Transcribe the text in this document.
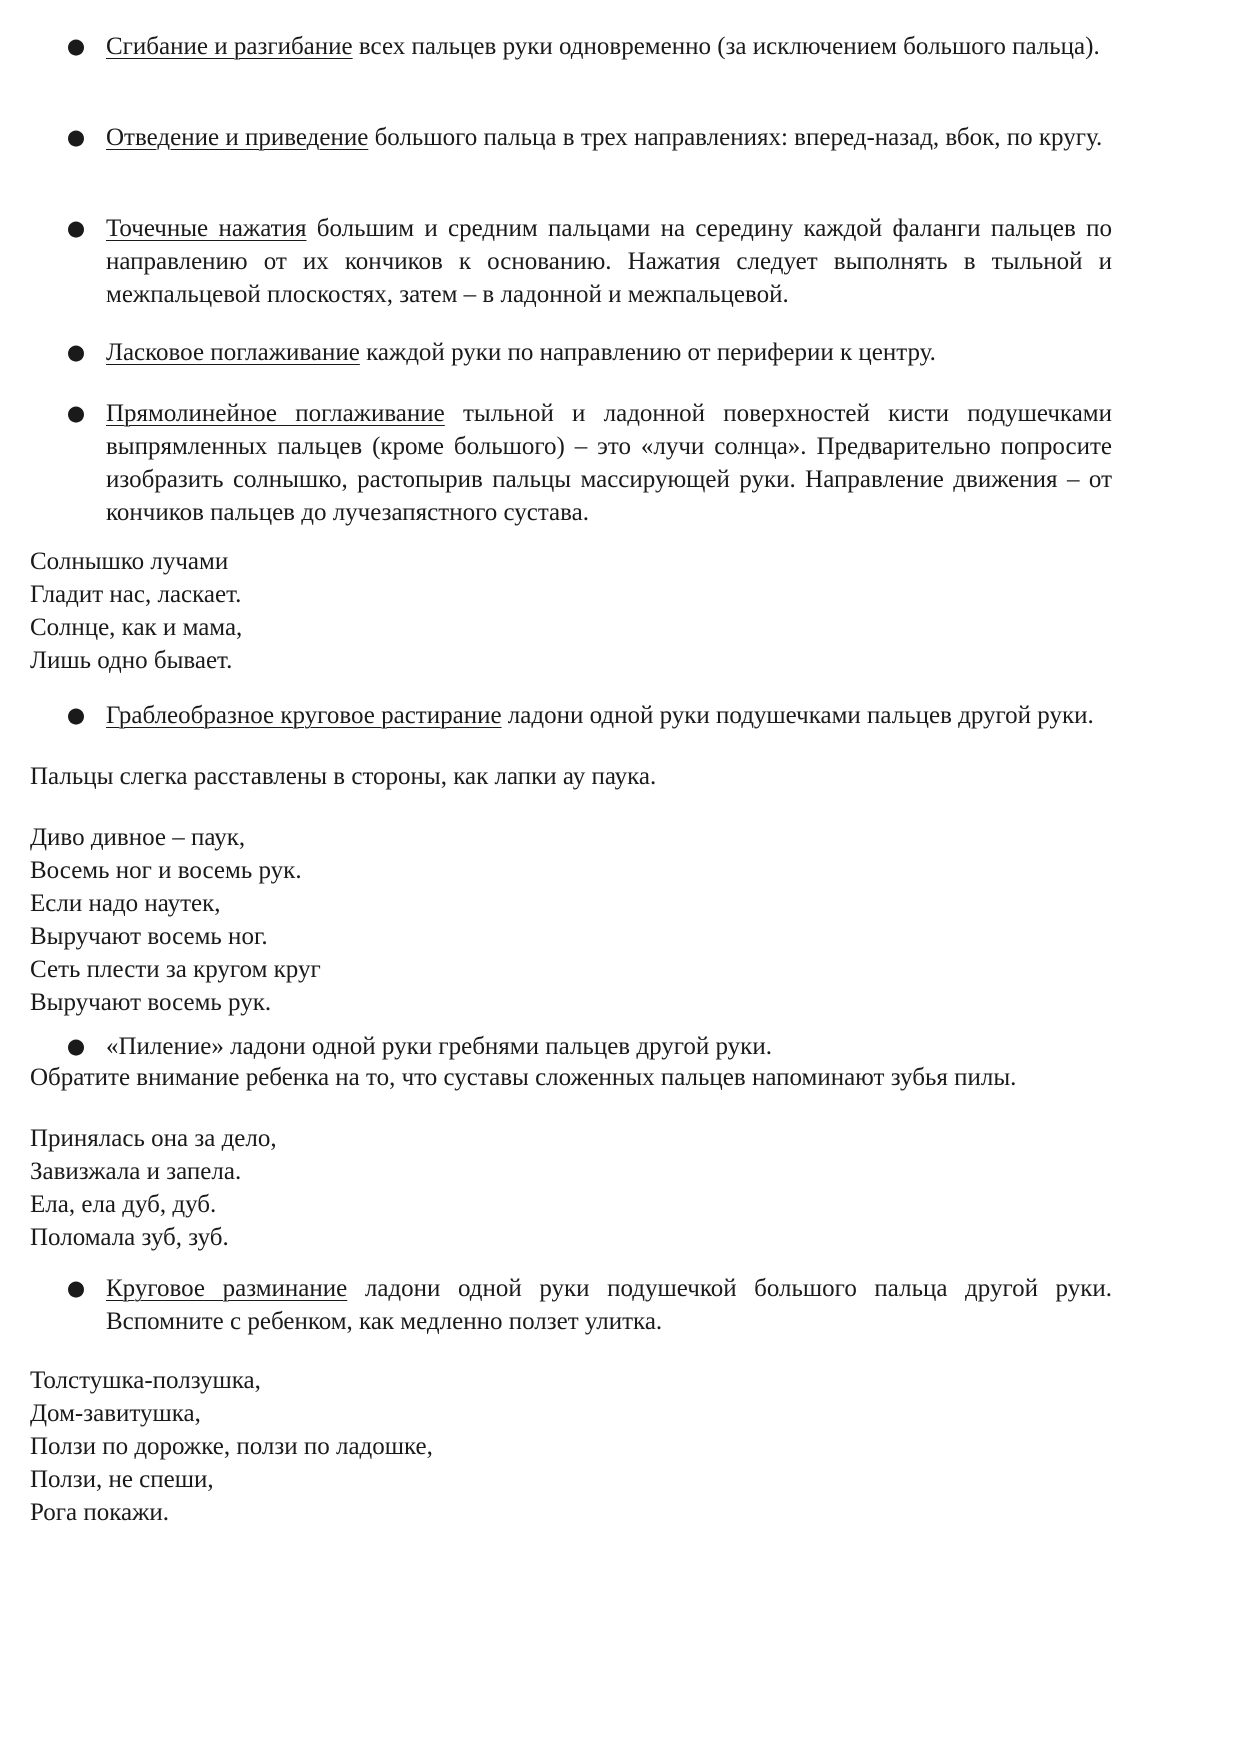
● Сгибание и разгибание всех пальцев руки одновременно (за исключением большого пальца).

● Отведение и приведение большого пальца в трех направлениях: вперед-назад, вбок, по кругу.

● Точечные нажатия большим и средним пальцами на середину каждой фаланги пальцев по направлению от их кончиков к основанию. Нажатия следует выполнять в тыльной и межпальцевой плоскостях, затем – в ладонной и межпальцевой.

● Ласковое поглаживание каждой руки по направлению от периферии к центру.

● Прямолинейное поглаживание тыльной и ладонной поверхностей кисти подушечками выпрямленных пальцев (кроме большого) – это «лучи солнца». Предварительно попросите изобразить солнышко, растопырив пальцы массирующей руки. Направление движения – от кончиков пальцев до лучезапястного сустава.

Солнышко лучами
Гладит нас, ласкает.
Солнце, как и мама,
Лишь одно бывает.

● Граблеобразное круговое растирание ладони одной руки подушечками пальцев другой руки.

Пальцы слегка расставлены в стороны, как лапки ау паука.

Диво дивное – паук,
Восемь ног и восемь рук.
Если надо наутек,
Выручают восемь ног.
Сеть плести за кругом круг
Выручают восемь рук.

● «Пиление» ладони одной руки гребнями пальцев другой руки.

Обратите внимание ребенка на то, что суставы сложенных пальцев напоминают зубья пилы.

Принялась она за дело,
Завизжала и запела.
Ела, ела дуб, дуб.
Поломала зуб, зуб.

● Круговое разминание ладони одной руки подушечкой большого пальца другой руки. Вспомните с ребенком, как медленно ползет улитка.

Толстушка-ползушка,
Дом-завитушка,
Ползи по дорожке, ползи по ладошке,
Ползи, не спеши,
Рога покажи.
